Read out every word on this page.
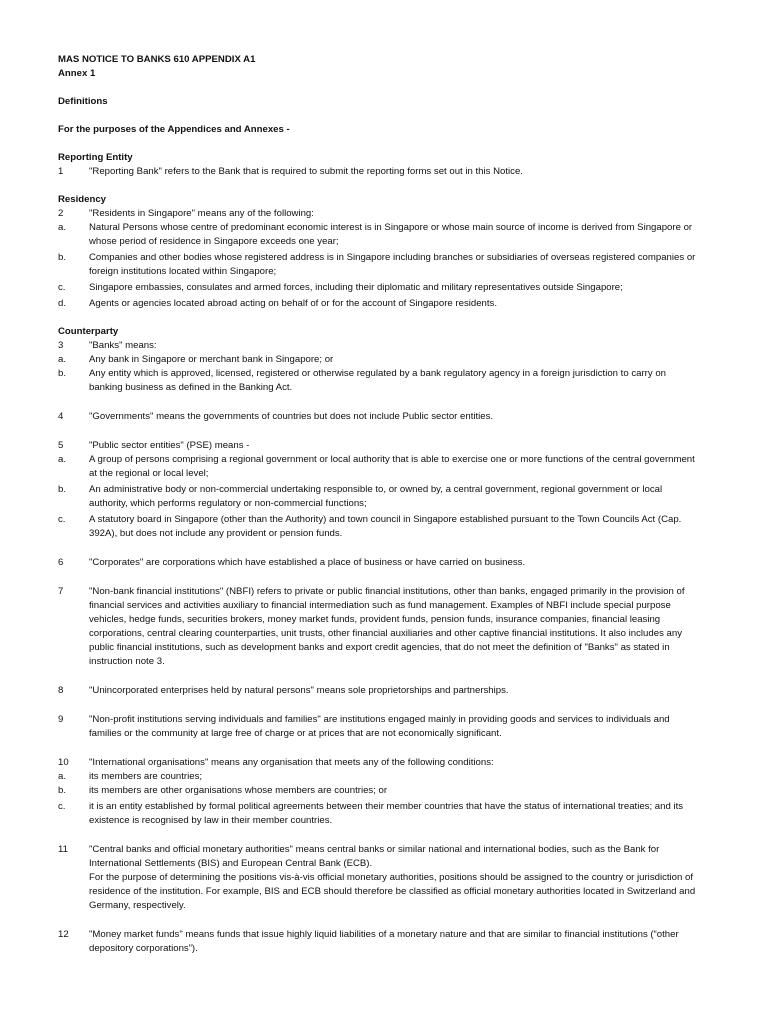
MAS NOTICE TO BANKS 610 APPENDIX A1
Annex 1
Definitions
For the purposes of the Appendices and Annexes -
Reporting Entity
1	"Reporting Bank" refers to the Bank that is required to submit the reporting forms set out in this Notice.
Residency
2	"Residents in Singapore" means any of the following:
a.	Natural Persons whose centre of predominant economic interest is in Singapore or whose main source of income is derived from Singapore or whose period of residence in Singapore exceeds one year;
b.	Companies and other bodies whose registered address is in Singapore including branches or subsidiaries of overseas registered companies or foreign institutions located within Singapore;
c.	Singapore embassies, consulates and armed forces, including their diplomatic and military representatives outside Singapore;
d.	Agents or agencies located abroad acting on behalf of or for the account of Singapore residents.
Counterparty
3	"Banks" means:
a.	Any bank in Singapore or merchant bank in Singapore; or
b.	Any entity which is approved, licensed, registered or otherwise regulated by a bank regulatory agency in a foreign jurisdiction to carry on banking business as defined in the Banking Act.
4	"Governments" means the governments of countries but does not include Public sector entities.
5	"Public sector entities" (PSE) means -
a.	A group of persons comprising a regional government or local authority that is able to exercise one or more functions of the central government at the regional or local level;
b.	An administrative body or non-commercial undertaking responsible to, or owned by, a central government, regional government or local authority, which performs regulatory or non-commercial functions;
c.	A statutory board in Singapore (other than the Authority) and town council in Singapore established pursuant to the Town Councils Act (Cap. 392A), but does not include any provident or pension funds.
6	"Corporates" are corporations which have established a place of business or have carried on business.
7	"Non-bank financial institutions" (NBFI) refers to private or public financial institutions, other than banks, engaged primarily in the provision of financial services and activities auxiliary to financial intermediation such as fund management. Examples of NBFI include special purpose vehicles, hedge funds, securities brokers, money market funds, provident funds, pension funds, insurance companies, financial leasing corporations, central clearing counterparties, unit trusts, other financial auxiliaries and other captive financial institutions. It also includes any public financial institutions, such as development banks and export credit agencies, that do not meet the definition of "Banks" as stated in instruction note 3.
8	"Unincorporated enterprises held by natural persons" means sole proprietorships and partnerships.
9	"Non-profit institutions serving individuals and families" are institutions engaged mainly in providing goods and services to individuals and families or the community at large free of charge or at prices that are not economically significant.
10	"International organisations" means any organisation that meets any of the following conditions:
a.	its members are countries;
b.	its members are other organisations whose members are countries; or
c.	it is an entity established by formal political agreements between their member countries that have the status of international treaties; and its existence is recognised by law in their member countries.
11	"Central banks and official monetary authorities" means central banks or similar national and international bodies, such as the Bank for International Settlements (BIS) and European Central Bank (ECB).
For the purpose of determining the positions vis-à-vis official monetary authorities, positions should be assigned to the country or jurisdiction of residence of the institution. For example, BIS and ECB should therefore be classified as official monetary authorities located in Switzerland and Germany, respectively.
12	"Money market funds" means funds that issue highly liquid liabilities of a monetary nature and that are similar to financial institutions (“other depository corporations”).
